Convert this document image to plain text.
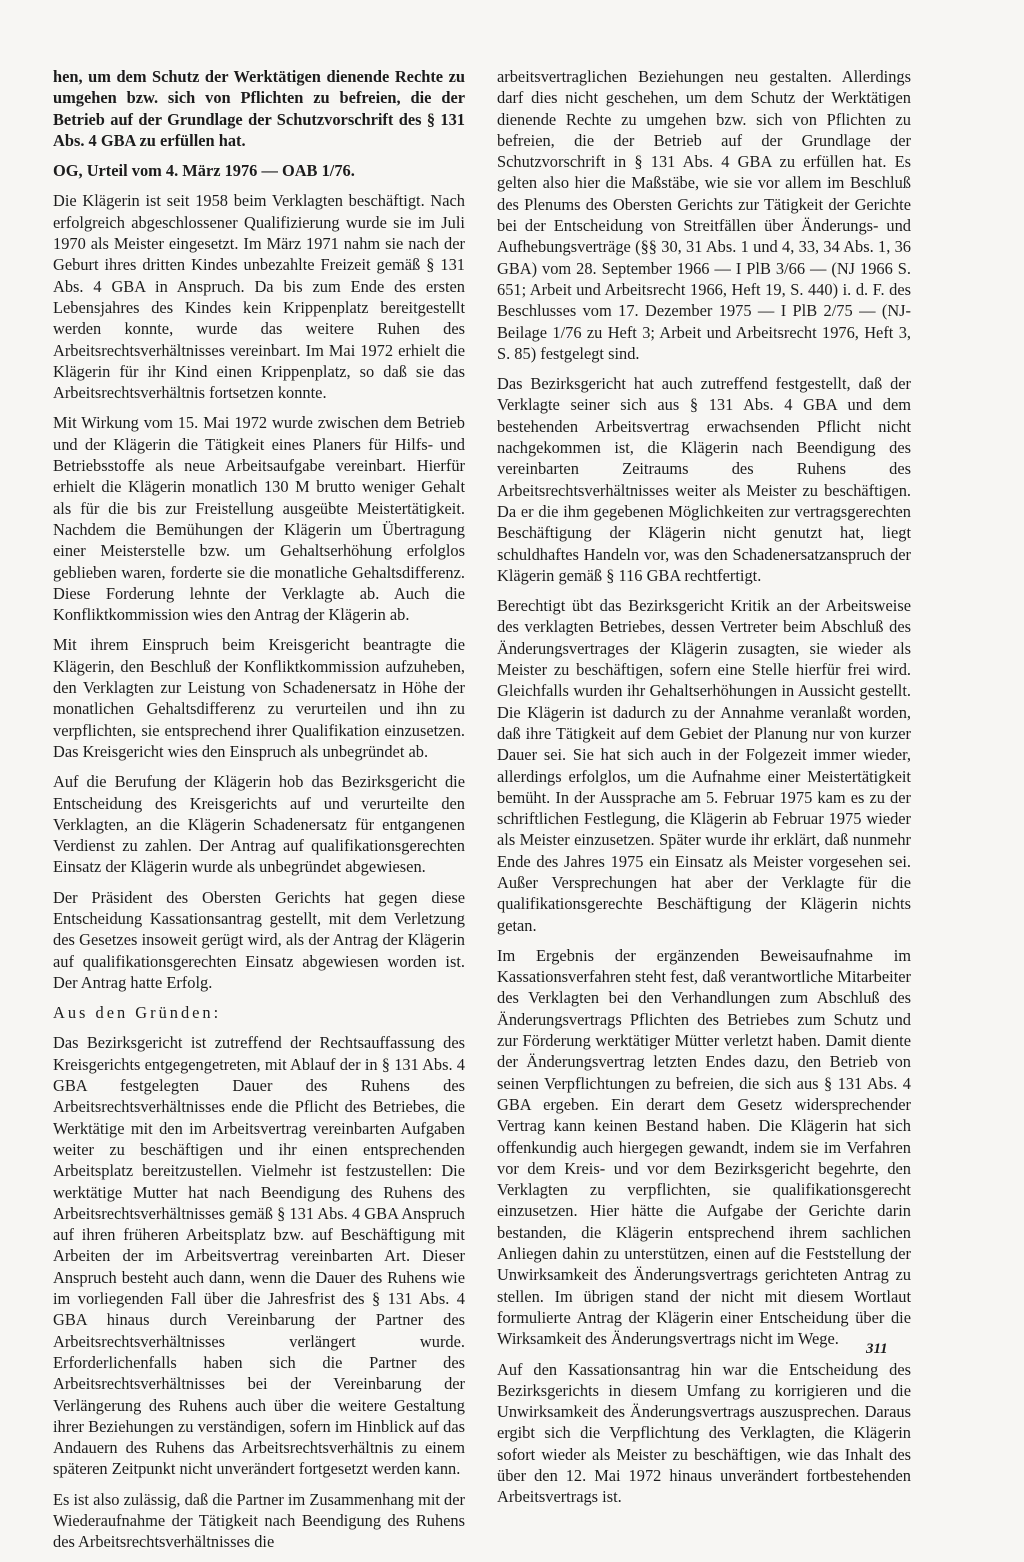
hen, um dem Schutz der Werktätigen dienende Rechte zu umgehen bzw. sich von Pflichten zu befreien, die der Betrieb auf der Grundlage der Schutzvorschrift des § 131 Abs. 4 GBA zu erfüllen hat.

OG, Urteil vom 4. März 1976 — OAB 1/76.

Die Klägerin ist seit 1958 beim Verklagten beschäftigt. Nach erfolgreich abgeschlossener Qualifizierung wurde sie im Juli 1970 als Meister eingesetzt. Im März 1971 nahm sie nach der Geburt ihres dritten Kindes unbezahlte Freizeit gemäß § 131 Abs. 4 GBA in Anspruch. Da bis zum Ende des ersten Lebensjahres des Kindes kein Krippenplatz bereitgestellt werden konnte, wurde das weitere Ruhen des Arbeitsrechtsverhältnisses vereinbart. Im Mai 1972 erhielt die Klägerin für ihr Kind einen Krippenplatz, so daß sie das Arbeitsrechtsverhältnis fortsetzen konnte.

Mit Wirkung vom 15. Mai 1972 wurde zwischen dem Betrieb und der Klägerin die Tätigkeit eines Planers für Hilfs- und Betriebsstoffe als neue Arbeitsaufgabe vereinbart. Hierfür erhielt die Klägerin monatlich 130 M brutto weniger Gehalt als für die bis zur Freistellung ausgeübte Meistertätigkeit. Nachdem die Bemühungen der Klägerin um Übertragung einer Meisterstelle bzw. um Gehaltserhöhung erfolglos geblieben waren, forderte sie die monatliche Gehaltsdifferenz. Diese Forderung lehnte der Verklagte ab. Auch die Konfliktkommission wies den Antrag der Klägerin ab.

Mit ihrem Einspruch beim Kreisgericht beantragte die Klägerin, den Beschluß der Konfliktkommission aufzuheben, den Verklagten zur Leistung von Schadenersatz in Höhe der monatlichen Gehaltsdifferenz zu verurteilen und ihn zu verpflichten, sie entsprechend ihrer Qualifikation einzusetzen. Das Kreisgericht wies den Einspruch als unbegründet ab.

Auf die Berufung der Klägerin hob das Bezirksgericht die Entscheidung des Kreisgerichts auf und verurteilte den Verklagten, an die Klägerin Schadenersatz für entgangenen Verdienst zu zahlen. Der Antrag auf qualifikationsgerechten Einsatz der Klägerin wurde als unbegründet abgewiesen.

Der Präsident des Obersten Gerichts hat gegen diese Entscheidung Kassationsantrag gestellt, mit dem Verletzung des Gesetzes insoweit gerügt wird, als der Antrag der Klägerin auf qualifikationsgerechten Einsatz abgewiesen worden ist. Der Antrag hatte Erfolg.

Aus den Gründen:

Das Bezirksgericht ist zutreffend der Rechtsauffassung des Kreisgerichts entgegengetreten, mit Ablauf der in § 131 Abs. 4 GBA festgelegten Dauer des Ruhens des Arbeitsrechtsverhältnisses ende die Pflicht des Betriebes, die Werktätige mit den im Arbeitsvertrag vereinbarten Aufgaben weiter zu beschäftigen und ihr einen entsprechenden Arbeitsplatz bereitzustellen. Vielmehr ist festzustellen: Die werktätige Mutter hat nach Beendigung des Ruhens des Arbeitsrechtsverhältnisses gemäß § 131 Abs. 4 GBA Anspruch auf ihren früheren Arbeitsplatz bzw. auf Beschäftigung mit Arbeiten der im Arbeitsvertrag vereinbarten Art. Dieser Anspruch besteht auch dann, wenn die Dauer des Ruhens wie im vorliegenden Fall über die Jahresfrist des § 131 Abs. 4 GBA hinaus durch Vereinbarung der Partner des Arbeitsrechtsverhältnisses verlängert wurde. Erforderlichenfalls haben sich die Partner des Arbeitsrechtsverhältnisses bei der Vereinbarung der Verlängerung des Ruhens auch über die weitere Gestaltung ihrer Beziehungen zu verständigen, sofern im Hinblick auf das Andauern des Ruhens das Arbeitsrechtsverhältnis zu einem späteren Zeitpunkt nicht unverändert fortgesetzt werden kann.

Es ist also zulässig, daß die Partner im Zusammenhang mit der Wiederaufnahme der Tätigkeit nach Beendigung des Ruhens des Arbeitsrechtsverhältnisses die

arbeitsvertraglichen Beziehungen neu gestalten. Allerdings darf dies nicht geschehen, um dem Schutz der Werktätigen dienende Rechte zu umgehen bzw. sich von Pflichten zu befreien, die der Betrieb auf der Grundlage der Schutzvorschrift in § 131 Abs. 4 GBA zu erfüllen hat. Es gelten also hier die Maßstäbe, wie sie vor allem im Beschluß des Plenums des Obersten Gerichts zur Tätigkeit der Gerichte bei der Entscheidung von Streitfällen über Änderungs- und Aufhebungsverträge (§§ 30, 31 Abs. 1 und 4, 33, 34 Abs. 1, 36 GBA) vom 28. September 1966 — I PlB 3/66 — (NJ 1966 S. 651; Arbeit und Arbeitsrecht 1966, Heft 19, S. 440) i. d. F. des Beschlusses vom 17. Dezember 1975 — I PlB 2/75 — (NJ-Beilage 1/76 zu Heft 3; Arbeit und Arbeitsrecht 1976, Heft 3, S. 85) festgelegt sind.

Das Bezirksgericht hat auch zutreffend festgestellt, daß der Verklagte seiner sich aus § 131 Abs. 4 GBA und dem bestehenden Arbeitsvertrag erwachsenden Pflicht nicht nachgekommen ist, die Klägerin nach Beendigung des vereinbarten Zeitraums des Ruhens des Arbeitsrechtsverhältnisses weiter als Meister zu beschäftigen. Da er die ihm gegebenen Möglichkeiten zur vertragsgerechten Beschäftigung der Klägerin nicht genutzt hat, liegt schuldhaftes Handeln vor, was den Schadenersatzanspruch der Klägerin gemäß § 116 GBA rechtfertigt.

Berechtigt übt das Bezirksgericht Kritik an der Arbeitsweise des verklagten Betriebes, dessen Vertreter beim Abschluß des Änderungsvertrages der Klägerin zusagten, sie wieder als Meister zu beschäftigen, sofern eine Stelle hierfür frei wird. Gleichfalls wurden ihr Gehaltserhöhungen in Aussicht gestellt. Die Klägerin ist dadurch zu der Annahme veranlaßt worden, daß ihre Tätigkeit auf dem Gebiet der Planung nur von kurzer Dauer sei. Sie hat sich auch in der Folgezeit immer wieder, allerdings erfolglos, um die Aufnahme einer Meistertätigkeit bemüht. In der Aussprache am 5. Februar 1975 kam es zu der schriftlichen Festlegung, die Klägerin ab Februar 1975 wieder als Meister einzusetzen. Später wurde ihr erklärt, daß nunmehr Ende des Jahres 1975 ein Einsatz als Meister vorgesehen sei. Außer Versprechungen hat aber der Verklagte für die qualifikationsgerechte Beschäftigung der Klägerin nichts getan.

Im Ergebnis der ergänzenden Beweisaufnahme im Kassationsverfahren steht fest, daß verantwortliche Mitarbeiter des Verklagten bei den Verhandlungen zum Abschluß des Änderungsvertrags Pflichten des Betriebes zum Schutz und zur Förderung werktätiger Mütter verletzt haben. Damit diente der Änderungsvertrag letzten Endes dazu, den Betrieb von seinen Verpflichtungen zu befreien, die sich aus § 131 Abs. 4 GBA ergeben. Ein derart dem Gesetz widersprechender Vertrag kann keinen Bestand haben. Die Klägerin hat sich offenkundig auch hiergegen gewandt, indem sie im Verfahren vor dem Kreis- und vor dem Bezirksgericht begehrte, den Verklagten zu verpflichten, sie qualifikationsgerecht einzusetzen. Hier hätte die Aufgabe der Gerichte darin bestanden, die Klägerin entsprechend ihrem sachlichen Anliegen dahin zu unterstützen, einen auf die Feststellung der Unwirksamkeit des Änderungsvertrags gerichteten Antrag zu stellen. Im übrigen stand der nicht mit diesem Wortlaut formulierte Antrag der Klägerin einer Entscheidung über die Wirksamkeit des Änderungsvertrags nicht im Wege.

Auf den Kassationsantrag hin war die Entscheidung des Bezirksgerichts in diesem Umfang zu korrigieren und die Unwirksamkeit des Änderungsvertrags auszusprechen. Daraus ergibt sich die Verpflichtung des Verklagten, die Klägerin sofort wieder als Meister zu beschäftigen, wie das Inhalt des über den 12. Mai 1972 hinaus unverändert fortbestehenden Arbeitsvertrags ist.

311
